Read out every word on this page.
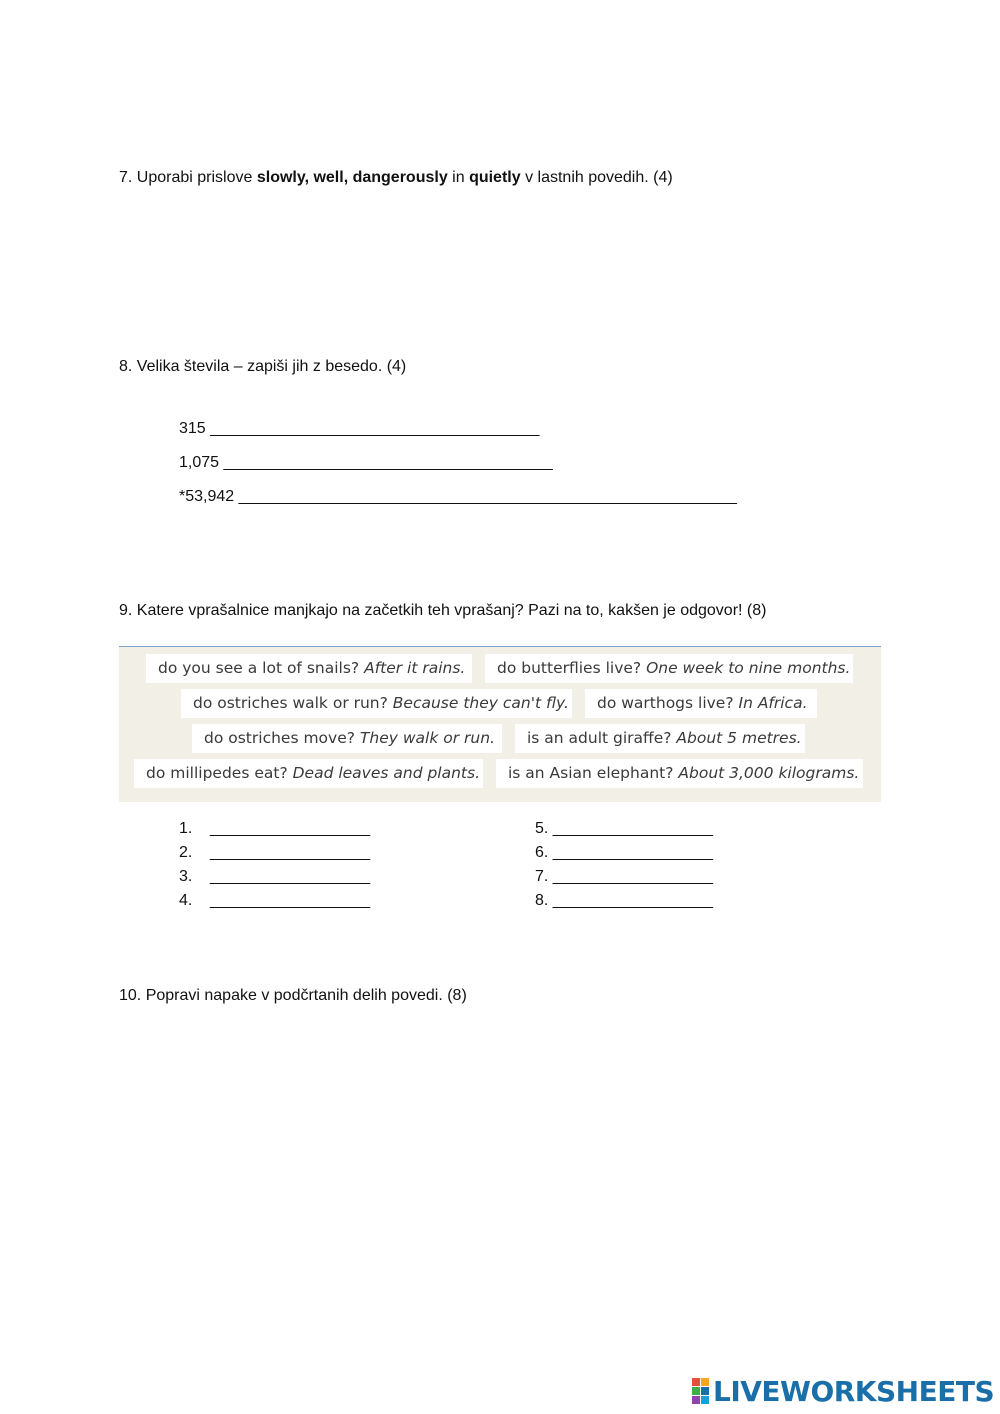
7. Uporabi prislove slowly, well, dangerously in quietly v lastnih povedih. (4)
8. Velika števila – zapiši jih z besedo. (4)
315 _____________________________________
1,075 _____________________________________
*53,942 ________________________________________________________
9. Katere vprašalnice manjkajo na začetkih teh vprašanj? Pazi na to, kakšen je odgovor! (8)
do you see a lot of snails? After it rains.	do butterflies live? One week to nine months.
do ostriches walk or run? Because they can't fly.	do warthogs live? In Africa.
do ostriches move? They walk or run.	is an adult giraffe? About 5 metres.
do millipedes eat? Dead leaves and plants.	is an Asian elephant? About 3,000 kilograms.
1. __________________
2. __________________
3. __________________
4. __________________
5. __________________
6. __________________
7. __________________
8. __________________
10. Popravi napake v podčrtanih delih povedi. (8)
LIVEWORKSHEETS
